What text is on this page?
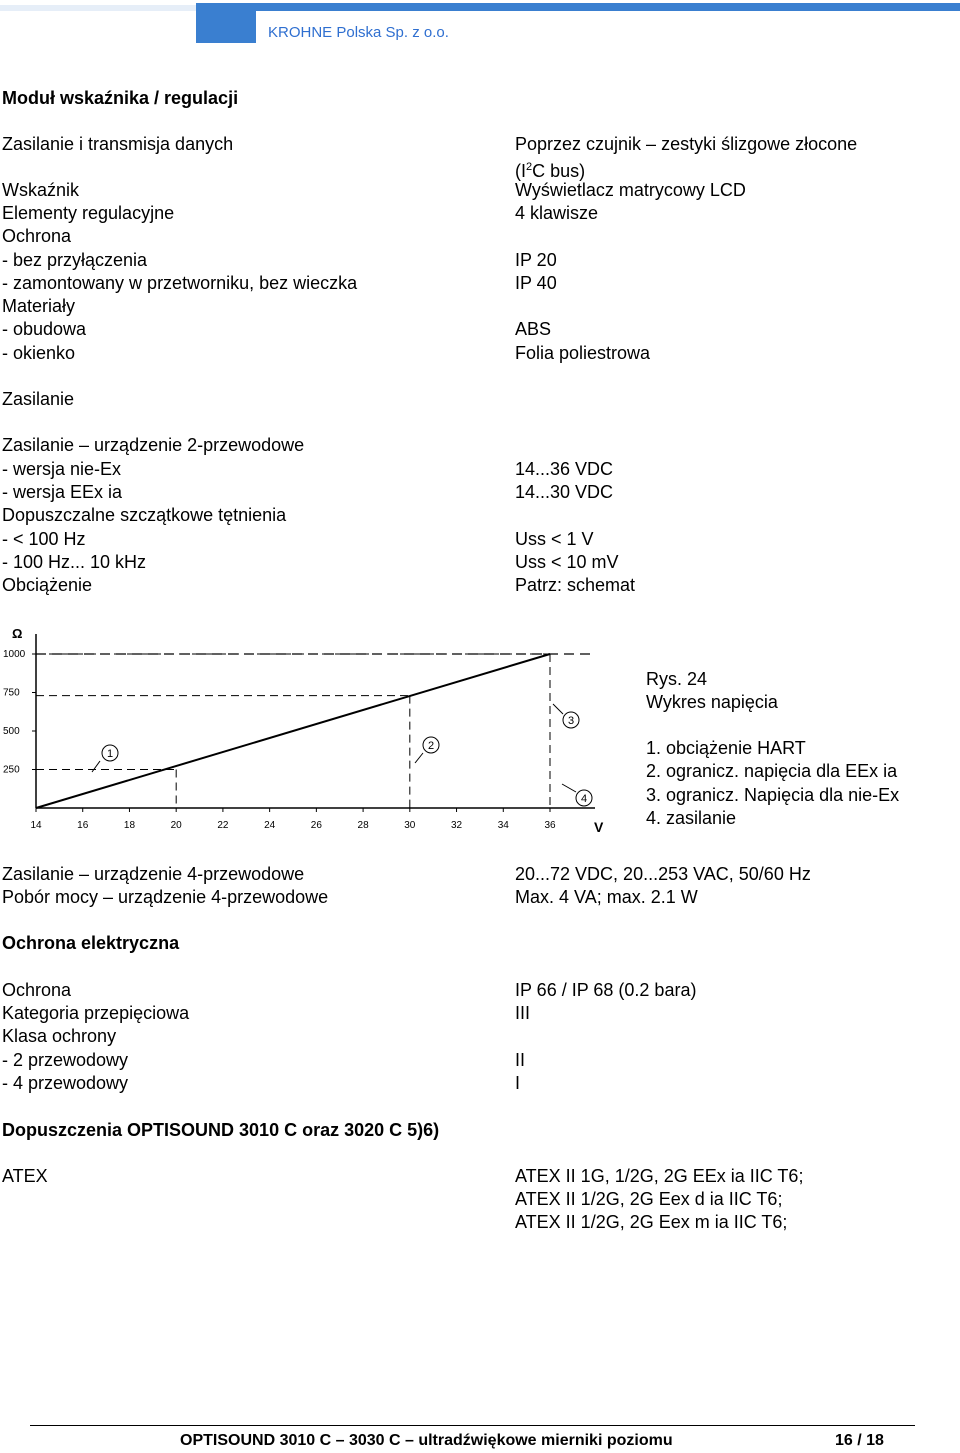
KROHNE Polska Sp. z o.o.
Moduł wskaźnika / regulacji
Zasilanie i transmisja danych	Poprzez czujnik – zestyki ślizgowe złocone
($I^2C$ bus)
Wskaźnik	Wyświetlacz matrycowy LCD
Elementy regulacyjne	4 klawisze
Ochrona
- bez przyłączenia	IP 20
- zamontowany w przetworniku, bez wieczka	IP 40
Materiały
- obudowa	ABS
- okienko	Folia poliestrowa
Zasilanie
Zasilanie – urządzenie 2-przewodowe
- wersja nie-Ex	14...36 VDC
- wersja EEx ia	14...30 VDC
Dopuszczalne szczątkowe tętnienia
- < 100 Hz	Uss < 1 V
- 100 Hz... 10 kHz	Uss < 10 mV
Obciążenie	Patrz: schemat
Ω
V
14	16	18	20	22	24	26	28	30	32	34	36
250
500
750
1000
1
2
3
4
Rys. 24
Wykres napięcia
1. obciążenie HART
2. ogranicz. napięcia dla EEx ia
3. ogranicz. Napięcia dla nie-Ex
4. zasilanie
Zasilanie – urządzenie 4-przewodowe	20...72 VDC, 20...253 VAC, 50/60 Hz
Pobór mocy – urządzenie 4-przewodowe	Max. 4 VA; max. 2.1 W
Ochrona elektryczna
Ochrona	IP 66 / IP 68 (0.2 bara)
Kategoria przepięciowa	III
Klasa ochrony
- 2 przewodowy	II
- 4 przewodowy	I
Dopuszczenia OPTISOUND 3010 C oraz 3020 C 5)6)
ATEX	ATEX II 1G, 1/2G, 2G EEx ia IIC T6;
ATEX II 1/2G, 2G Eex d ia IIC T6;
ATEX II 1/2G, 2G Eex m ia IIC T6;
OPTISOUND 3010 C – 3030 C – ultradźwiękowe mierniki poziomu	16 / 18
